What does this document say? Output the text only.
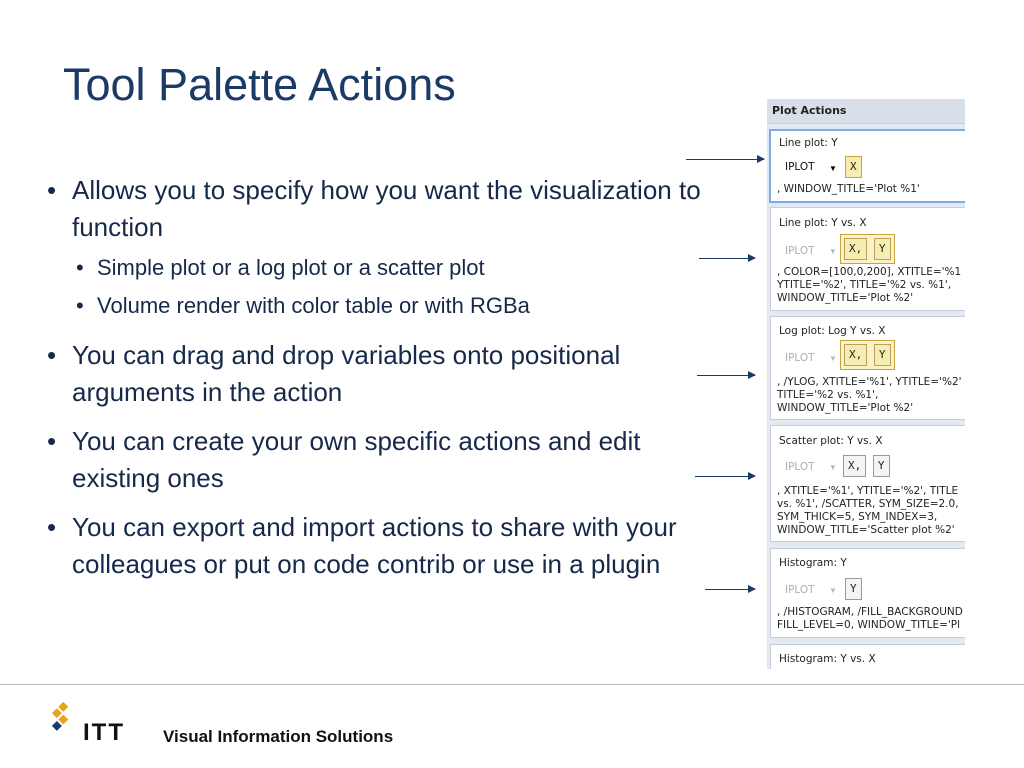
Tool Palette Actions
• Allows you to specify how you want the visualization to function
• Simple plot or a log plot or a scatter plot
• Volume render with color table or with RGBa
• You can drag and drop variables onto positional arguments in the action
• You can create your own specific actions and edit existing ones
• You can export and import actions to share with your colleagues or put on code contrib or use in a plugin
Plot Actions
Line plot: Y
IPLOT ▼	X
, WINDOW_TITLE='Plot %1'
Line plot: Y vs. X
IPLOT ▼	X, Y
, COLOR=[100,0,200], XTITLE='%1
YTITLE='%2', TITLE='%2 vs. %1',
WINDOW_TITLE='Plot %2'
Log plot: Log Y vs. X
IPLOT ▼	X, Y
, /YLOG, XTITLE='%1', YTITLE='%2'
TITLE='%2 vs. %1',
WINDOW_TITLE='Plot %2'
Scatter plot: Y vs. X
IPLOT ▼	X, Y
, XTITLE='%1', YTITLE='%2', TITLE
vs. %1', /SCATTER, SYM_SIZE=2.0,
SYM_THICK=5, SYM_INDEX=3,
WINDOW_TITLE='Scatter plot %2'
Histogram: Y
IPLOT ▼	Y
, /HISTOGRAM, /FILL_BACKGROUND
FILL_LEVEL=0, WINDOW_TITLE='Pl
Histogram: Y vs. X
ITT Visual Information Solutions
